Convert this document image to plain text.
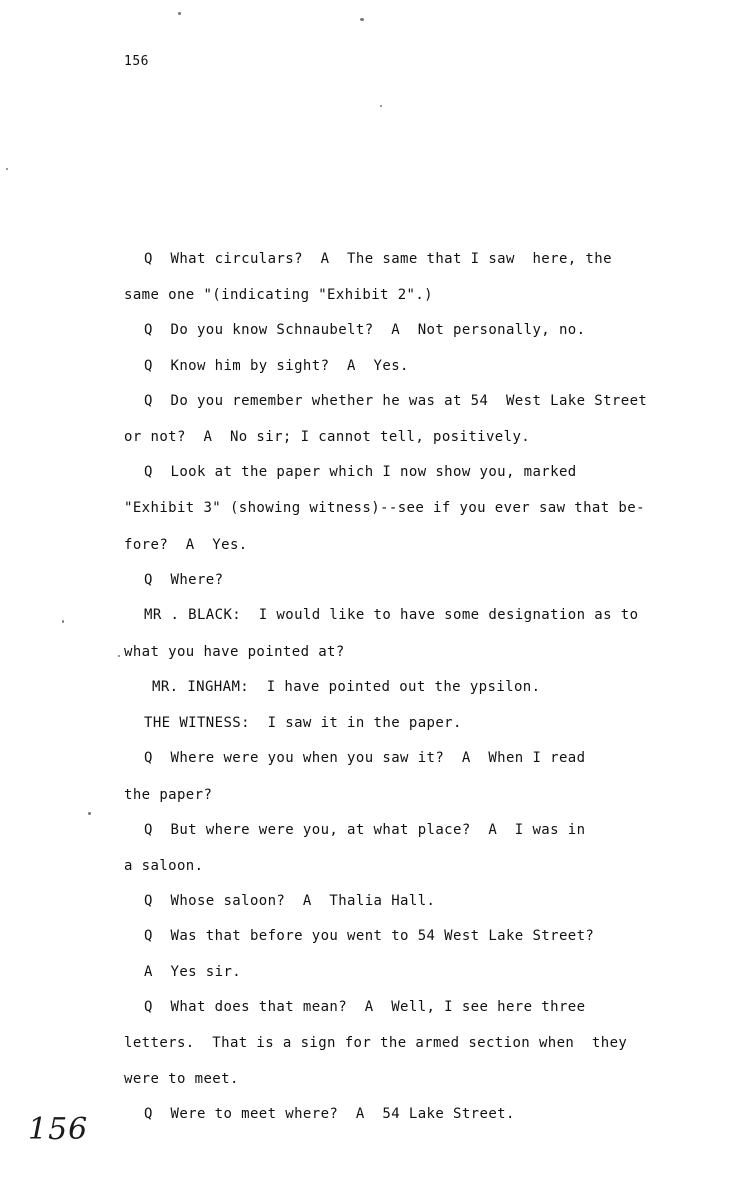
156
Q  What circulars?  A  The same that I saw  here, the
same one "(indicating "Exhibit 2".)
Q  Do you know Schnaubelt?  A  Not personally, no.
Q  Know him by sight?  A  Yes.
Q  Do you remember whether he was at 54  West Lake Street
or not?  A  No sir; I cannot tell, positively.
Q  Look at the paper which I now show you, marked
"Exhibit 3" (showing witness)--see if you ever saw that be-
fore?  A  Yes.
Q  Where?
MR . BLACK:  I would like to have some designation as to
what you have pointed at?
MR. INGHAM:  I have pointed out the ypsilon.
THE WITNESS:  I saw it in the paper.
Q  Where were you when you saw it?  A  When I read
the paper?
Q  But where were you, at what place?  A  I was in
a saloon.
Q  Whose saloon?  A  Thalia Hall.
Q  Was that before you went to 54 West Lake Street?
A  Yes sir.
Q  What does that mean?  A  Well, I see here three
letters.  That is a sign for the armed section when  they
were to meet.
Q  Were to meet where?  A  54 Lake Street.
156
